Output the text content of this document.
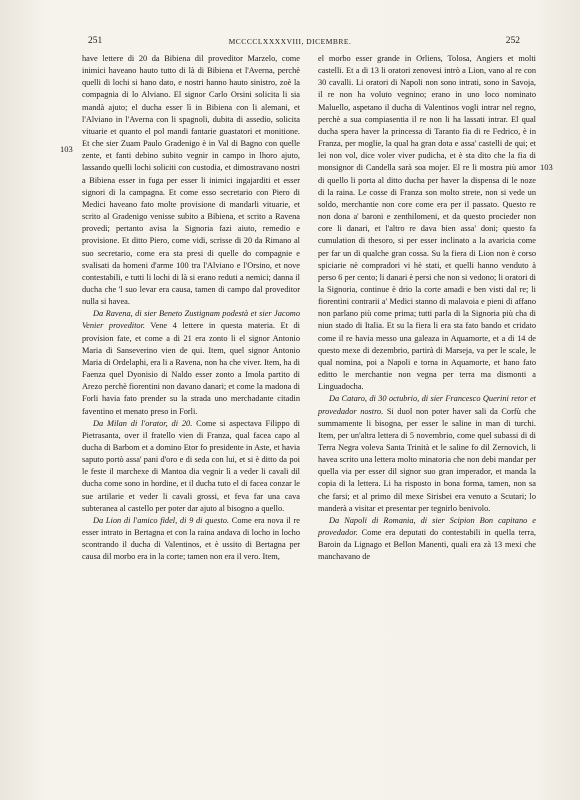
251	MCCCCLXXXXVIII, DICEMBRE.	252
103
103

have lettere di 20 da Bibiena dil proveditor Marzelo, come inimici haveano hauto tutto di là di Bibiena et l'Averna, perchè quelli di lochi si hano dato, e nostri hanno hauto sinistro, zoè la compagnia di lo Alviano. El signor Carlo Orsini solicita li sia mandà ajuto; el ducha esser lì in Bibiena con li alemani, et l'Alviano in l'Averna con li spagnoli, dubita di assedio, solicita vituarie et quanto el pol mandi fantarie guastatori et monitione. Et che sier Zuam Paulo Gradenigo è in Val di Bagno con quelle zente, et fanti debino subito vegnir in campo in lhoro ajuto, lassando quelli lochi soliciti con custodia, et dimostravano nostri a Bibiena esser in fuga per esser li inimici ingajarditi et esser signori di la campagna. Et come esso secretario con Piero di Medici haveano fato molte provisione di mandarli vituarie, et scrito al Gradenigo venisse subito a Bibiena, et scrito a Ravena provedi; pertanto avisa la Signoria fazi aiuto, remedio e provisione. Et ditto Piero, come vidi, scrisse di 20 da Rimano al suo secretario, come era sta presi di quelle do compagnie e svalisati da homeni d'arme 100 tra l'Alviano e l'Orsino, et nove contestabili, e tutti li lochi di là si erano reduti a nemici; danna il ducha che 'l suo levar era causa, tamen di campo dal proveditor nulla si havea.

Da Ravena, di sier Beneto Zustignam podestà et sier Jacomo Venier proveditor. Vene 4 lettere in questa materia. Et di provision fate, et come a di 21 era zonto li el signor Antonio Maria di Sanseverino vien de qui. Item, quel signor Antonio Maria di Ordelaphi, era li a Ravena, non ha che viver. Item, ha di Faenza quel Dyonisio di Naldo esser zonto a Imola partito di Arezo perchè fiorentini non davano danari; et come la madona di Forli havia fato prender su la strada uno merchadante citadin faventino et menato preso in Forli.

Da Milan di l'orator, di 20. Come si aspectava Filippo di Pietrasanta, over il fratello vien di Franza, qual facea capo al ducha di Barbom et a domino Etor fo presidente in Aste, et havia saputo portò assa' pani d'oro e di seda con lui, et si è ditto da poi le feste il marchexe di Mantoa dia vegnir lì a veder li cavali dil ducha come sono in hordine, et il ducha tuto el di facea conzar le sue artilarie et veder li cavali grossi, et feva far una cava subteranea al castello per poter dar ajuto al bisogno a quello.

Da Lion di l'amico fidel, di 9 di questo. Come era nova il re esser intrato in Bertagna et con la raina andava di locho in locho scontrando il ducha di Valentinos, et è ussito di Bertagna per causa dil morbo era in la corte; tamen non era il vero. Item,

el morbo esser grande in Orliens, Tolosa, Angiers et molti castelli. Et a di 13 li oratori zenovesi intrò a Lion, vano al re con 30 cavalli. Li oratori di Napoli non sono intrati, sono in Savoja, il re non ha voluto vegnino; erano in uno loco nominato Maluello, aspetano il ducha di Valentinos vogli intrar nel regno, perchè a sua compiasentia il re non li ha lassati intrar. El qual ducha spera haver la princessa di Taranto fia di re Fedrico, è in Franza, per moglie, la qual ha gran dota e assa' castelli de qui; et lei non vol, dice voler viver pudicha, et è sta dito che la fia di monsignor di Candella sarà soa mojer. El re li mostra più amor di quello li porta al ditto ducha per haver la dispensa di le noze di la raina. Le cosse di Franza son molto strete, non si vede un soldo, merchantie non core come era per il passato. Questo re non dona a' baroni e zenthilomeni, et da questo procieder non core li danari, et l'altro re dava bien assa' doni; questo fa cumulation di thesoro, si per esser inclinato a la avaricia come per far un di qualche gran cossa. Su la fiera di Lion non è corso spiciarie nè compradori vi hè stati, et quelli hanno venduto à perso 6 per cento; li danari è persi che non si vedono; li oratori di la Signoria, continue è drio la corte amadi e ben visti dal re; li fiorentini contrarii a' Medici stanno di malavoia e pieni di affano non parlano più come prima; tutti parla di la Signoria più cha di niun stado di Italia. Et su la fiera li era sta fato bando et cridato come il re havia messo una galeaza in Aquamorte, et a di 14 de questo mexe di dezembrio, partirà di Marseja, va per le scale, le qual nomina, poi a Napoli e torna in Aquamorte, et hano fato editto le merchantie non vegna per terra ma dismonti a Linguadocha.

Da Cataro, di 30 octubrio, di sier Francesco Querini retor et provedador nostro. Si duol non poter haver sali da Corfù che summamente li bisogna, per esser le saline in man di turchi. Item, per un'altra lettera di 5 novembrio, come quel subassi di di Terra Negra voleva Santa Trinità et le saline fo dil Zernovich, li havea scrito una lettera molto minatoria che non debi mandar per quella via per esser dil signor suo gran imperador, et manda la copia di la lettera. Li ha risposto in bona forma, tamen, non sa che farsi; et al primo dil mexe Sirisbei era venuto a Scutari; lo manderà a visitar et presentar per tegnirlo benivolo.

Da Napoli di Romania, di sier Scipion Bon capitano e provedador. Come era deputati do contestabili in quella terra, Baroin da Lignago et Bellon Manenti, quali era zà 13 mexi che manchavano de
